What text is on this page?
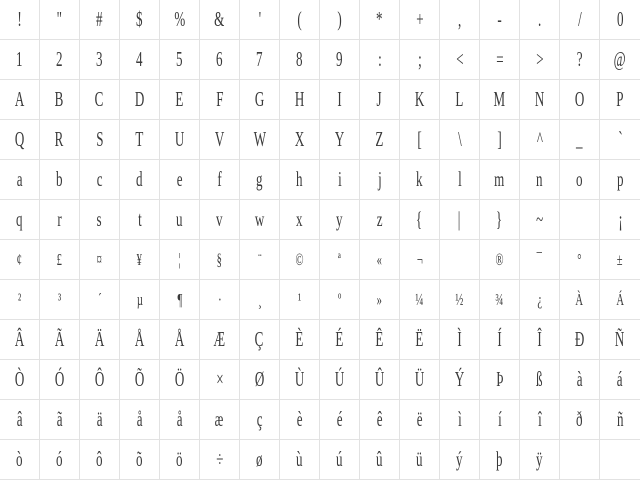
! " # $ % & ' ( ) * + , - . / 0
1 2 3 4 5 6 7 8 9 : ; < = > ? @
A B C D E F G H I J K L M N O P
Q R S T U V W X Y Z [ \ ] ^ _ `
a b c d e f g h i j k l m n o p
q r s t u v w x y z { | } ~
	¡
¢ £ ¤ ¥ ¦ § ¨ © ª « ¬	® ¯ ° ±
² ³ ´ µ ¶ · ¸ ¹ º » ¼ ½ ¾ ¿ À Á
Â Ã Ä Å Å Æ Ç È É Ê Ë Ì Í Î Ð Ñ
Ò Ó Ô Õ Ö × Ø Ù Ú Û Ü Ý Þ ß à á
â ã ä å å æ ç è é ê ë ì í î ð ñ
ò ó ô õ ö ÷ ø ù ú û ü ý þ ÿ
